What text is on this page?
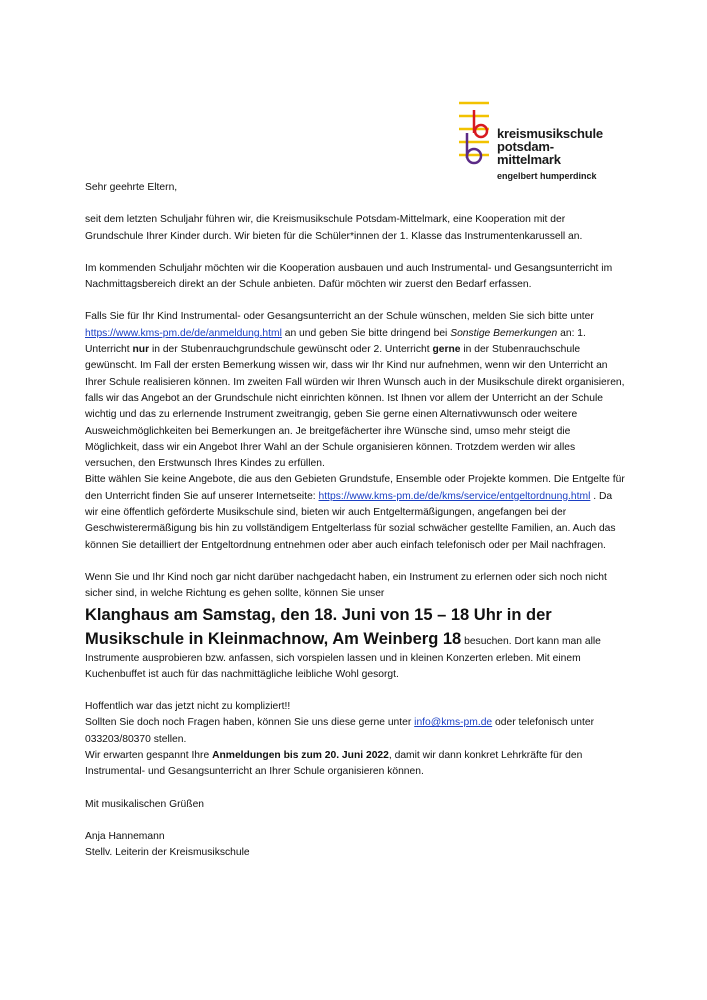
kreismusikschule
potsdam-
mittelmark
engelbert humperdinck

Sehr geehrte Eltern,

seit dem letzten Schuljahr führen wir, die Kreismusikschule Potsdam-Mittelmark, eine Kooperation mit der Grundschule Ihrer Kinder durch. Wir bieten für die Schüler*innen der 1. Klasse das Instrumentenkarussell an.

Im kommenden Schuljahr möchten wir die Kooperation ausbauen und auch Instrumental- und Gesangsunterricht im Nachmittagsbereich direkt an der Schule anbieten. Dafür möchten wir zuerst den Bedarf erfassen.

Falls Sie für Ihr Kind Instrumental- oder Gesangsunterricht an der Schule wünschen, melden Sie sich bitte unter https://www.kms-pm.de/de/anmeldung.html an und geben Sie bitte dringend bei Sonstige Bemerkungen an: 1. Unterricht nur in der Stubenrauchgrundschule gewünscht oder 2. Unterricht gerne in der Stubenrauchschule gewünscht. Im Fall der ersten Bemerkung wissen wir, dass wir Ihr Kind nur aufnehmen, wenn wir den Unterricht an Ihrer Schule realisieren können. Im zweiten Fall würden wir Ihren Wunsch auch in der Musikschule direkt organisieren, falls wir das Angebot an der Grundschule nicht einrichten können. Ist Ihnen vor allem der Unterricht an der Schule wichtig und das zu erlernende Instrument zweitrangig, geben Sie gerne einen Alternativwunsch oder weitere Ausweichmöglichkeiten bei Bemerkungen an. Je breitgefächerter ihre Wünsche sind, umso mehr steigt die Möglichkeit, dass wir ein Angebot Ihrer Wahl an der Schule organisieren können. Trotzdem werden wir alles versuchen, den Erstwunsch Ihres Kindes zu erfüllen.

Bitte wählen Sie keine Angebote, die aus den Gebieten Grundstufe, Ensemble oder Projekte kommen. Die Entgelte für den Unterricht finden Sie auf unserer Internetseite: https://www.kms-pm.de/de/kms/service/entgeltordnung.html . Da wir eine öffentlich geförderte Musikschule sind, bieten wir auch Entgeltermäßigungen, angefangen bei der Geschwisterermäßigung bis hin zu vollständigem Entgelterlass für sozial schwächer gestellte Familien, an. Auch das können Sie detailliert der Entgeltordnung entnehmen oder aber auch einfach telefonisch oder per Mail nachfragen.

Wenn Sie und Ihr Kind noch gar nicht darüber nachgedacht haben, ein Instrument zu erlernen oder sich noch nicht sicher sind, in welche Richtung es gehen sollte, können Sie unser

Klanghaus am Samstag, den 18. Juni von 15 – 18 Uhr in der Musikschule in Kleinmachnow, Am Weinberg 18 besuchen. Dort kann man alle Instrumente ausprobieren bzw. anfassen, sich vorspielen lassen und in kleinen Konzerten erleben. Mit einem Kuchenbuffet ist auch für das nachmittägliche leibliche Wohl gesorgt.

Hoffentlich war das jetzt nicht zu kompliziert!!

Sollten Sie doch noch Fragen haben, können Sie uns diese gerne unter info@kms-pm.de oder telefonisch unter 033203/80370 stellen.

Wir erwarten gespannt Ihre Anmeldungen bis zum 20. Juni 2022, damit wir dann konkret Lehrkräfte für den Instrumental- und Gesangsunterricht an Ihrer Schule organisieren können.

Mit musikalischen Grüßen

Anja Hannemann

Stellv. Leiterin der Kreismusikschule
